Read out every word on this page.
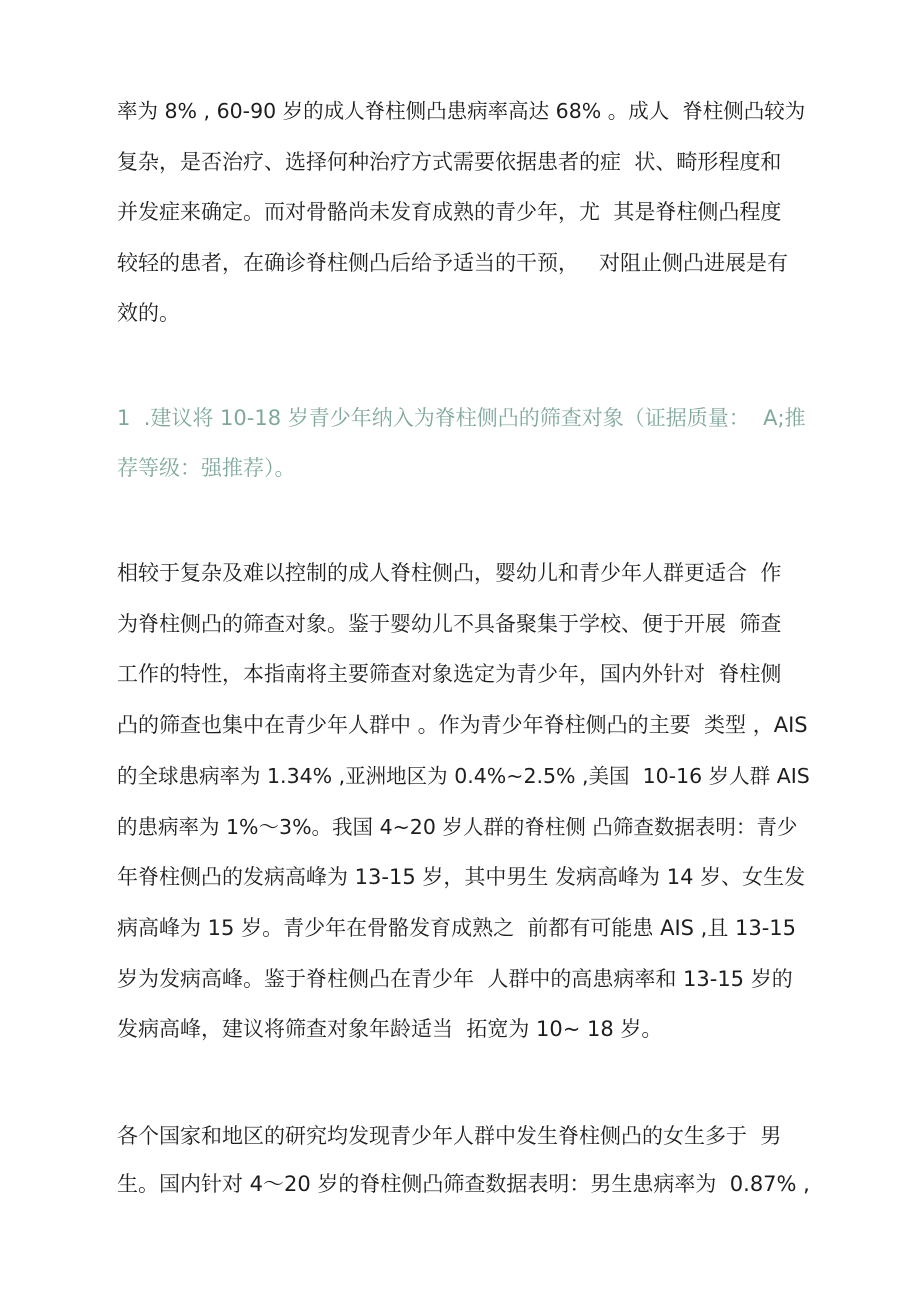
率为 8% , 60-90 岁的成人脊柱侧凸患病率高达 68% 。成人  脊柱侧凸较为

复杂，是否治疗、选择何种治疗方式需要依据患者的症  状、畸形程度和

并发症来确定。而对骨骼尚未发育成熟的青少年，尤  其是脊柱侧凸程度

较轻的患者，在确诊脊柱侧凸后给予适当的干预，   对阻止侧凸进展是有

效的。

1  .建议将 10-18 岁青少年纳入为脊柱侧凸的筛查对象（证据质量：  A;推

荐等级：强推荐）。

相较于复杂及难以控制的成人脊柱侧凸，婴幼儿和青少年人群更适合  作

为脊柱侧凸的筛查对象。鉴于婴幼儿不具备聚集于学校、便于开展  筛查

工作的特性，本指南将主要筛查对象选定为青少年，国内外针对  脊柱侧

凸的筛查也集中在青少年人群中 。作为青少年脊柱侧凸的主要  类型 ，AIS

的全球患病率为 1.34% ,亚洲地区为 0.4%~2.5% ,美国  10-16 岁人群 AIS

的患病率为 1%～3%。我国 4~20 岁人群的脊柱侧 凸筛查数据表明：青少

年脊柱侧凸的发病高峰为 13-15 岁，其中男生 发病高峰为 14 岁、女生发

病高峰为 15 岁。青少年在骨骼发育成熟之  前都有可能患 AIS ,且 13-15

岁为发病高峰。鉴于脊柱侧凸在青少年  人群中的高患病率和 13-15 岁的

发病高峰，建议将筛查对象年龄适当  拓宽为 10~ 18 岁。

各个国家和地区的研究均发现青少年人群中发生脊柱侧凸的女生多于  男

生。国内针对 4～20 岁的脊柱侧凸筛查数据表明：男生患病率为  0.87% ,
